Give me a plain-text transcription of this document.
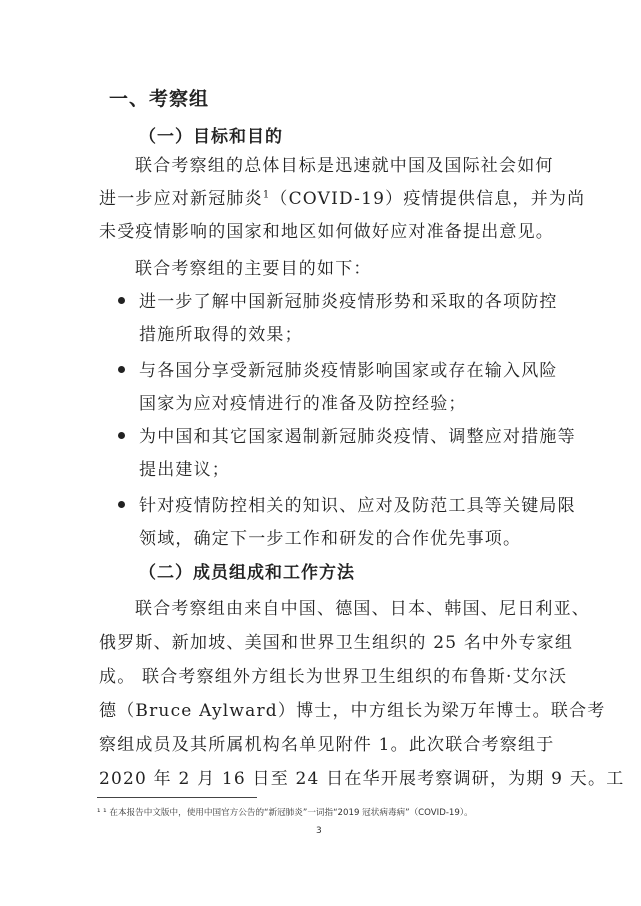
一、考察组
（一）目标和目的
联合考察组的总体目标是迅速就中国及国际社会如何
进一步应对新冠肺炎$^1$（COVID-19）疫情提供信息，并为尚
未受疫情影响的国家和地区如何做好应对准备提出意见。
联合考察组的主要目的如下：
进一步了解中国新冠肺炎疫情形势和采取的各项防控
措施所取得的效果；
与各国分享受新冠肺炎疫情影响国家或存在输入风险
国家为应对疫情进行的准备及防控经验；
为中国和其它国家遏制新冠肺炎疫情、调整应对措施等
提出建议；
针对疫情防控相关的知识、应对及防范工具等关键局限
领域，确定下一步工作和研发的合作优先事项。
（二）成员组成和工作方法
联合考察组由来自中国、德国、日本、韩国、尼日利亚、
俄罗斯、新加坡、美国和世界卫生组织的 25 名中外专家组
成。 联合考察组外方组长为世界卫生组织的布鲁斯·艾尔沃
德（Bruce Aylward）博士，中方组长为梁万年博士。联合考
察组成员及其所属机构名单见附件 1。此次联合考察组于
2020 年 2 月 16 日至 24 日在华开展考察调研，为期 9 天。工
¹ ¹ 在本报告中文版中，使用中国官方公告的“新冠肺炎”一词指“2019 冠状病毒病”（COVID-19）。
3
